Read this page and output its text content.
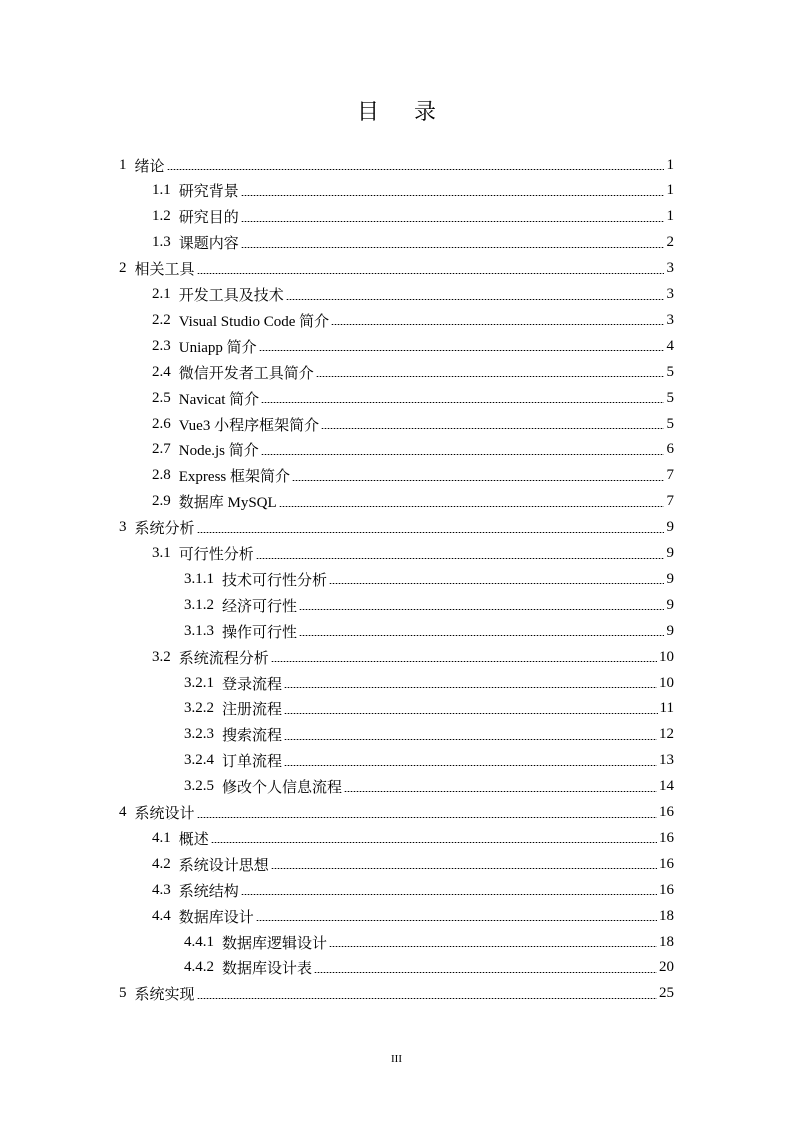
目 录
1 绪论	1
1.1 研究背景	1
1.2 研究目的	1
1.3 课题内容	2
2 相关工具	3
2.1 开发工具及技术	3
2.2 Visual Studio Code 简介	3
2.3 Uniapp 简介	4
2.4 微信开发者工具简介	5
2.5 Navicat 简介	5
2.6 Vue3 小程序框架简介	5
2.7 Node.js 简介	6
2.8 Express 框架简介	7
2.9 数据库 MySQL	7
3 系统分析	9
3.1 可行性分析	9
3.1.1 技术可行性分析	9
3.1.2 经济可行性	9
3.1.3 操作可行性	9
3.2 系统流程分析	10
3.2.1 登录流程	10
3.2.2 注册流程	11
3.2.3 搜索流程	12
3.2.4 订单流程	13
3.2.5 修改个人信息流程	14
4 系统设计	16
4.1 概述	16
4.2 系统设计思想	16
4.3 系统结构	16
4.4 数据库设计	18
4.4.1 数据库逻辑设计	18
4.4.2 数据库设计表	20
5 系统实现	25
III
